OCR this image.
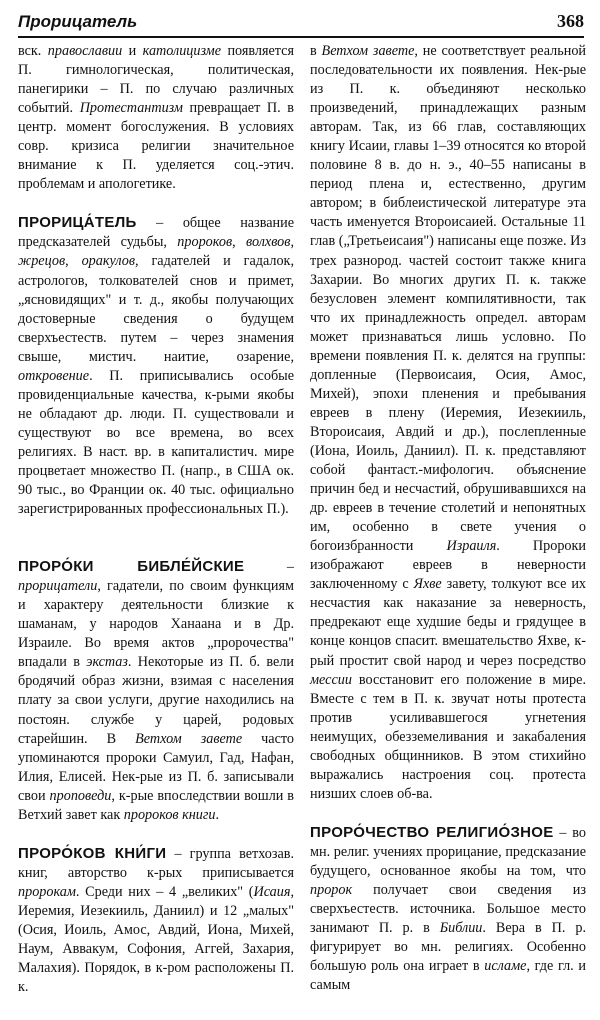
Прорицатель	368

вск. православии и католицизме появляется П. гимнологическая, политическая, панегирики – П. по случаю различных событий. Протестантизм превращает П. в центр. момент богослужения. В условиях совр. кризиса религии значительное внимание к П. уделяется соц.-этич. проблемам и апологетике.

ПРОРИЦА́ТЕЛЬ – общее название предсказателей судьбы, пророков, волхвов, жрецов, оракулов, гадателей и гадалок, астрологов, толкователей снов и примет, „ясновидящих" и т. д., якобы получающих достоверные сведения о будущем сверхъестеств. путем – через знамения свыше, мистич. наитие, озарение, откровение. П. приписывались особые провиденциальные качества, к-рыми якобы не обладают др. люди. П. существовали и существуют во все времена, во всех религиях. В наст. вр. в капиталистич. мире процветает множество П. (напр., в США ок. 90 тыс., во Франции ок. 40 тыс. официально зарегистрированных профессиональных П.).

ПРОРО́КИ БИБЛЕ́ЙСКИЕ – прорицатели, гадатели, по своим функциям и характеру деятельности близкие к шаманам, у народов Ханаана и в Др. Израиле. Во время актов „пророчества" впадали в экстаз. Некоторые из П. б. вели бродячий образ жизни, взимая с населения плату за свои услуги, другие находились на постоян. службе у царей, родовых старейшин. В Ветхом завете часто упоминаются пророки Самуил, Гад, Нафан, Илия, Елисей. Нек-рые из П. б. записывали свои проповеди, к-рые впоследствии вошли в Ветхий завет как пророков книги.

ПРОРО́КОВ КНИ́ГИ – группа ветхозав. книг, авторство к-рых приписывается пророкам. Среди них – 4 „великих" (Исаия, Иеремия, Иезекииль, Даниил) и 12 „малых" (Осия, Иоиль, Амос, Авдий, Иона, Михей, Наум, Аввакум, Софония, Аггей, Захария, Малахия). Порядок, в к-ром расположены П. к.

в Ветхом завете, не соответствует реальной последовательности их появления. Нек-рые из П. к. объединяют несколько произведений, принадлежащих разным авторам. Так, из 66 глав, составляющих книгу Исаии, главы 1–39 относятся ко второй половине 8 в. до н. э., 40–55 написаны в период плена и, естественно, другим автором; в библеистической литературе эта часть именуется Второисаией. Остальные 11 глав („Третьеисаия") написаны еще позже. Из трех разнород. частей состоит также книга Захарии. Во многих других П. к. также безусловен элемент компилятивности, так что их принадлежность определ. авторам может признаваться лишь условно. По времени появления П. к. делятся на группы: допленные (Первоисаия, Осия, Амос, Михей), эпохи пленения и пребывания евреев в плену (Иеремия, Иезекииль, Второисаия, Авдий и др.), послепленные (Иона, Иоиль, Даниил). П. к. представляют собой фантаст.-мифологич. объяснение причин бед и несчастий, обрушивавшихся на др. евреев в течение столетий и непонятных им, особенно в свете учения о богоизбранности Израиля. Пророки изображают евреев в неверности заключенному с Яхве завету, толкуют все их несчастия как наказание за неверность, предрекают еще худшие беды и грядущее в конце концов спасит. вмешательство Яхве, к-рый простит свой народ и через посредство мессии восстановит его положение в мире. Вместе с тем в П. к. звучат ноты протеста против усиливавшегося угнетения неимущих, обезземеливания и закабаления свободных общинников. В этом стихийно выражались настроения соц. протеста низших слоев об-ва.

ПРОРО́ЧЕСТВО РЕЛИГИО́ЗНОЕ – во мн. религ. учениях прорицание, предсказание будущего, основанное якобы на том, что пророк получает свои сведения из сверхъестеств. источника. Большое место занимают П. р. в Библии. Вера в П. р. фигурирует во мн. религиях. Особенно большую роль она играет в исламе, где гл. и самым
